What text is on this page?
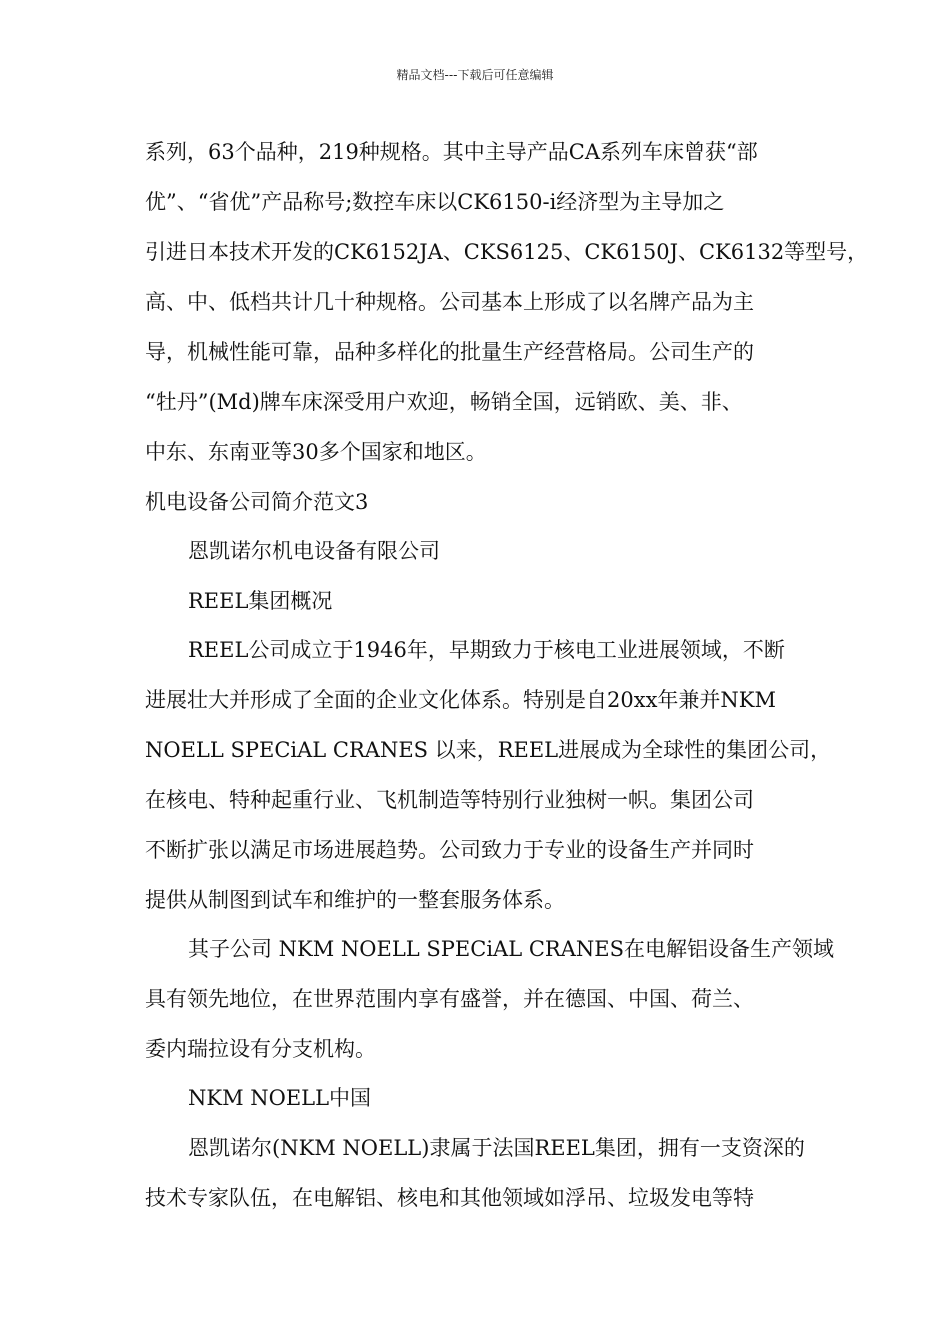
精品文档---下载后可任意编辑
系列，63个品种，219种规格。其中主导产品CA系列车床曾获“部
优”、“省优”产品称号;数控车床以CK6150-i经济型为主导加之
引进日本技术开发的CK6152JA、CKS6125、CK6150J、CK6132等型号，
高、中、低档共计几十种规格。公司基本上形成了以名牌产品为主
导，机械性能可靠，品种多样化的批量生产经营格局。公司生产的
“牡丹”(Md)牌车床深受用户欢迎，畅销全国，远销欧、美、非、
中东、东南亚等30多个国家和地区。
机电设备公司简介范文3
恩凯诺尔机电设备有限公司
REEL集团概况
REEL公司成立于1946年，早期致力于核电工业进展领域，不断
进展壮大并形成了全面的企业文化体系。特别是自20xx年兼并NKM
NOELL SPECiAL CRANES 以来，REEL进展成为全球性的集团公司，
在核电、特种起重行业、飞机制造等特别行业独树一帜。集团公司
不断扩张以满足市场进展趋势。公司致力于专业的设备生产并同时
提供从制图到试车和维护的一整套服务体系。
其子公司 NKM NOELL SPECiAL CRANES在电解铝设备生产领域
具有领先地位，在世界范围内享有盛誉，并在德国、中国、荷兰、
委内瑞拉设有分支机构。
NKM NOELL中国
恩凯诺尔(NKM NOELL)隶属于法国REEL集团，拥有一支资深的
技术专家队伍，在电解铝、核电和其他领域如浮吊、垃圾发电等特
